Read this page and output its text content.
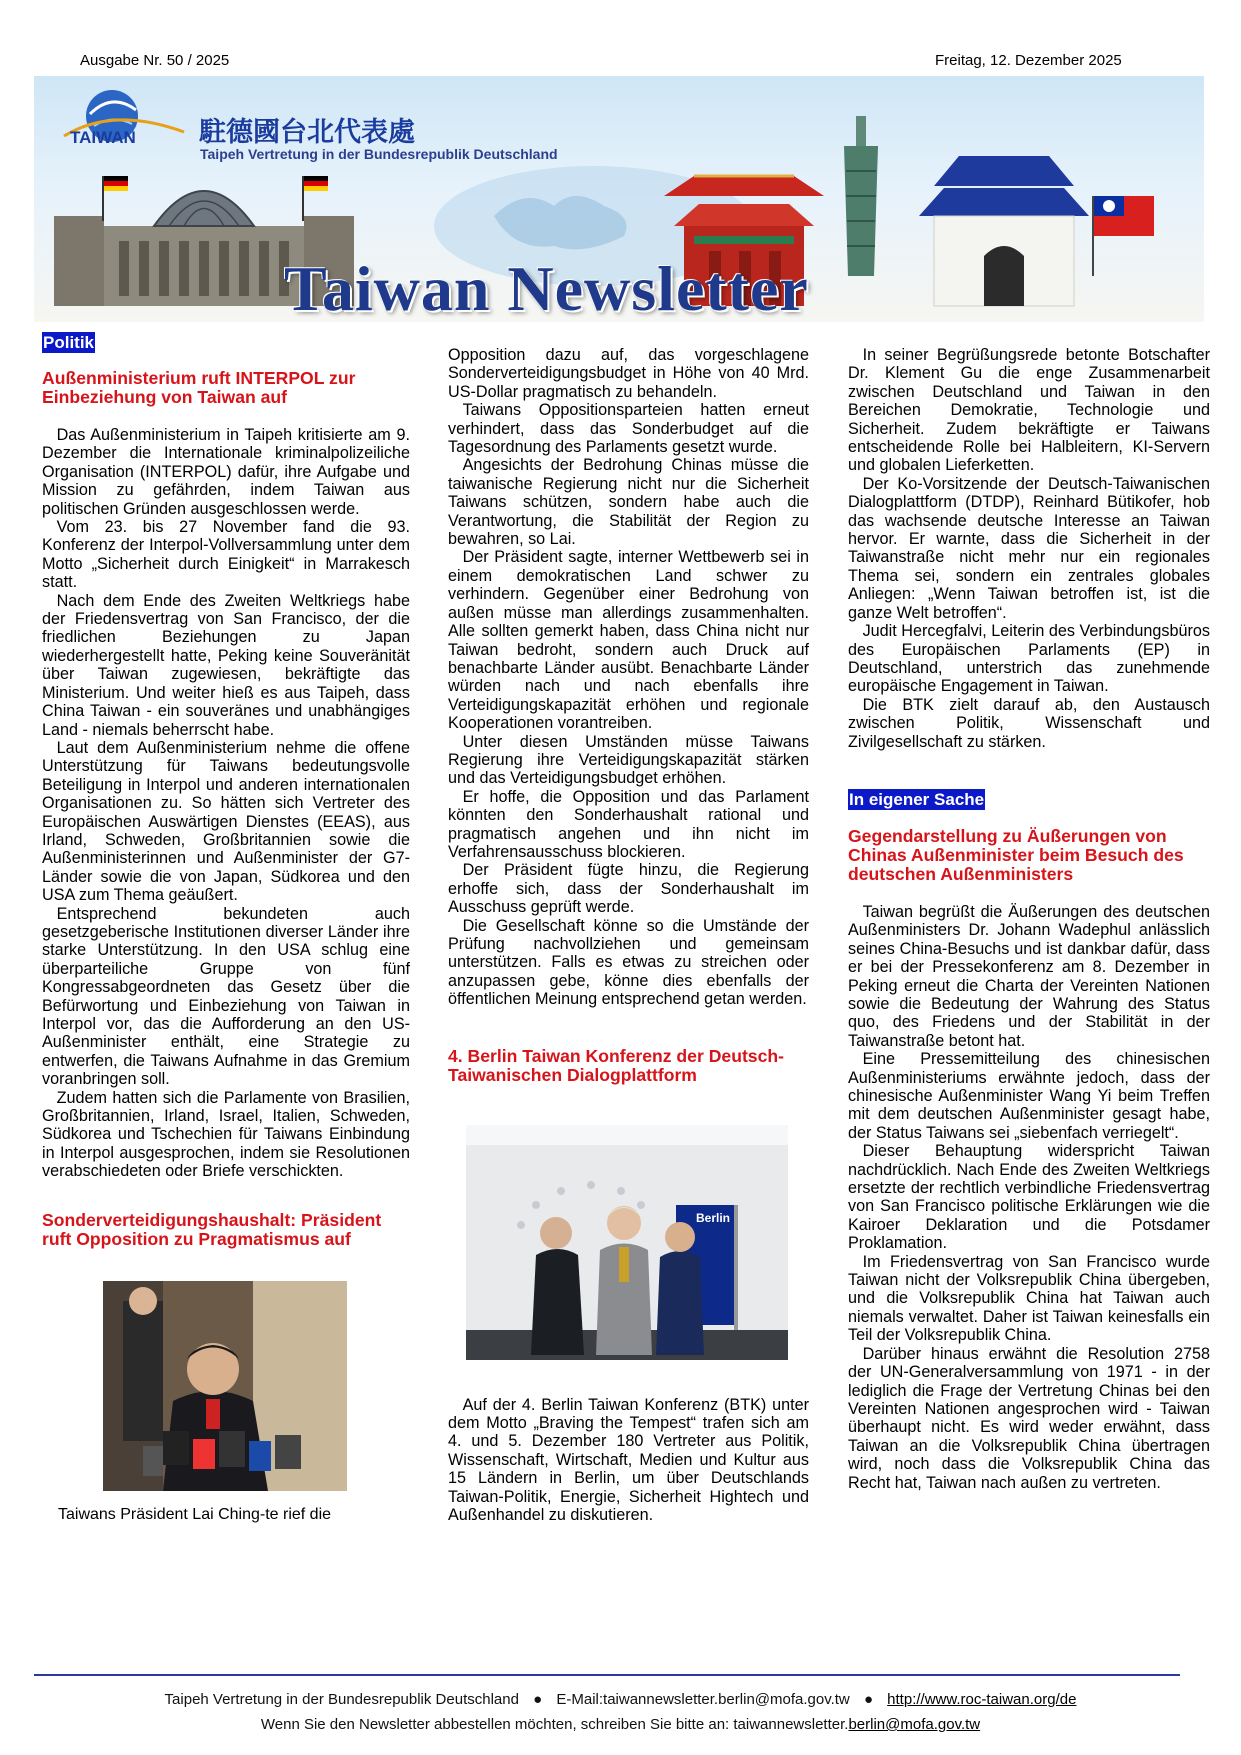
Ausgabe Nr. 50 / 2025	Freitag, 12. Dezember 2025
TAIWAN 駐德國台北代表處
Taipeh Vertretung in der Bundesrepublik Deutschland
Taiwan Newsletter
Politik
Außenministerium ruft INTERPOL zur Einbeziehung von Taiwan auf

Das Außenministerium in Taipeh kritisierte am 9. Dezember die Internationale kriminalpolizeiliche Organisation (INTERPOL) dafür, ihre Aufgabe und Mission zu gefährden, indem Taiwan aus politischen Gründen ausgeschlossen werde.

Vom 23. bis 27 November fand die 93. Konferenz der Interpol-Vollversammlung unter dem Motto „Sicherheit durch Einigkeit“ in Marrakesch statt.

Nach dem Ende des Zweiten Weltkriegs habe der Friedensvertrag von San Francisco, der die friedlichen Beziehungen zu Japan wiederhergestellt hatte, Peking keine Souveränität über Taiwan zugewiesen, bekräftigte das Ministerium. Und weiter hieß es aus Taipeh, dass China Taiwan - ein souveränes und unabhängiges Land - niemals beherrscht habe.

Laut dem Außenministerium nehme die offene Unterstützung für Taiwans bedeutungsvolle Beteiligung in Interpol und anderen internationalen Organisationen zu. So hätten sich Vertreter des Europäischen Auswärtigen Dienstes (EEAS), aus Irland, Schweden, Großbritannien sowie die Außenministerinnen und Außenminister der G7-Länder sowie die von Japan, Südkorea und den USA zum Thema geäußert.

Entsprechend bekundeten auch gesetzgeberische Institutionen diverser Länder ihre starke Unterstützung. In den USA schlug eine überparteiliche Gruppe von fünf Kongressabgeordneten das Gesetz über die Befürwortung und Einbeziehung von Taiwan in Interpol vor, das die Aufforderung an den US-Außenminister enthält, eine Strategie zu entwerfen, die Taiwans Aufnahme in das Gremium voranbringen soll.

Zudem hatten sich die Parlamente von Brasilien, Großbritannien, Irland, Israel, Italien, Schweden, Südkorea und Tschechien für Taiwans Einbindung in Interpol ausgesprochen, indem sie Resolutionen verabschiedeten oder Briefe verschickten.

Sonderverteidigungshaushalt: Präsident ruft Opposition zu Pragmatismus auf
Taiwans Präsident Lai Ching-te rief die

Opposition dazu auf, das vorgeschlagene Sonderverteidigungsbudget in Höhe von 40 Mrd. US-Dollar pragmatisch zu behandeln.

Taiwans Oppositionsparteien hatten erneut verhindert, dass das Sonderbudget auf die Tagesordnung des Parlaments gesetzt wurde.

Angesichts der Bedrohung Chinas müsse die taiwanische Regierung nicht nur die Sicherheit Taiwans schützen, sondern habe auch die Verantwortung, die Stabilität der Region zu bewahren, so Lai.

Der Präsident sagte, interner Wettbewerb sei in einem demokratischen Land schwer zu verhindern. Gegenüber einer Bedrohung von außen müsse man allerdings zusammenhalten. Alle sollten gemerkt haben, dass China nicht nur Taiwan bedroht, sondern auch Druck auf benachbarte Länder ausübt. Benachbarte Länder würden nach und nach ebenfalls ihre Verteidigungskapazität erhöhen und regionale Kooperationen vorantreiben.

Unter diesen Umständen müsse Taiwans Regierung ihre Verteidigungskapazität stärken und das Verteidigungsbudget erhöhen.

Er hoffe, die Opposition und das Parlament könnten den Sonderhaushalt rational und pragmatisch angehen und ihn nicht im Verfahrensausschuss blockieren.

Der Präsident fügte hinzu, die Regierung erhoffe sich, dass der Sonderhaushalt im Ausschuss geprüft werde.

Die Gesellschaft könne so die Umstände der Prüfung nachvollziehen und gemeinsam unterstützen. Falls es etwas zu streichen oder anzupassen gebe, könne dies ebenfalls der öffentlichen Meinung entsprechend getan werden.

4. Berlin Taiwan Konferenz der Deutsch-Taiwanischen Dialogplattform
Berlin

Auf der 4. Berlin Taiwan Konferenz (BTK) unter dem Motto „Braving the Tempest“ trafen sich am 4. und 5. Dezember 180 Vertreter aus Politik, Wissenschaft, Wirtschaft, Medien und Kultur aus 15 Ländern in Berlin, um über Deutschlands Taiwan-Politik, Energie, Sicherheit Hightech und Außenhandel zu diskutieren.

In seiner Begrüßungsrede betonte Botschafter Dr. Klement Gu die enge Zusammenarbeit zwischen Deutschland und Taiwan in den Bereichen Demokratie, Technologie und Sicherheit. Zudem bekräftigte er Taiwans entscheidende Rolle bei Halbleitern, KI-Servern und globalen Lieferketten.

Der Ko-Vorsitzende der Deutsch-Taiwanischen Dialogplattform (DTDP), Reinhard Bütikofer, hob das wachsende deutsche Interesse an Taiwan hervor. Er warnte, dass die Sicherheit in der Taiwanstraße nicht mehr nur ein regionales Thema sei, sondern ein zentrales globales Anliegen: „Wenn Taiwan betroffen ist, ist die ganze Welt betroffen“.

Judit Hercegfalvi, Leiterin des Verbindungsbüros des Europäischen Parlaments (EP) in Deutschland, unterstrich das zunehmende europäische Engagement in Taiwan.

Die BTK zielt darauf ab, den Austausch zwischen Politik, Wissenschaft und Zivilgesellschaft zu stärken.

In eigener Sache
Gegendarstellung zu Äußerungen von Chinas Außenminister beim Besuch des deutschen Außenministers

Taiwan begrüßt die Äußerungen des deutschen Außenministers Dr. Johann Wadephul anlässlich seines China-Besuchs und ist dankbar dafür, dass er bei der Pressekonferenz am 8. Dezember in Peking erneut die Charta der Vereinten Nationen sowie die Bedeutung der Wahrung des Status quo, des Friedens und der Stabilität in der Taiwanstraße betont hat.

Eine Pressemitteilung des chinesischen Außenministeriums erwähnte jedoch, dass der chinesische Außenminister Wang Yi beim Treffen mit dem deutschen Außenminister gesagt habe, der Status Taiwans sei „siebenfach verriegelt“.

Dieser Behauptung widerspricht Taiwan nachdrücklich. Nach Ende des Zweiten Weltkriegs ersetzte der rechtlich verbindliche Friedensvertrag von San Francisco politische Erklärungen wie die Kairoer Deklaration und die Potsdamer Proklamation.

Im Friedensvertrag von San Francisco wurde Taiwan nicht der Volksrepublik China übergeben, und die Volksrepublik China hat Taiwan auch niemals verwaltet. Daher ist Taiwan keinesfalls ein Teil der Volksrepublik China.

Darüber hinaus erwähnt die Resolution 2758 der UN-Generalversammlung von 1971 - in der lediglich die Frage der Vertretung Chinas bei den Vereinten Nationen angesprochen wird - Taiwan überhaupt nicht. Es wird weder erwähnt, dass Taiwan an die Volksrepublik China übertragen wird, noch dass die Volksrepublik China das Recht hat, Taiwan nach außen zu vertreten.

Taipeh Vertretung in der Bundesrepublik Deutschland ● E-Mail:taiwannewsletter.berlin@mofa.gov.tw ● http://www.roc-taiwan.org/de
Wenn Sie den Newsletter abbestellen möchten, schreiben Sie bitte an: taiwannewsletter.berlin@mofa.gov.tw
